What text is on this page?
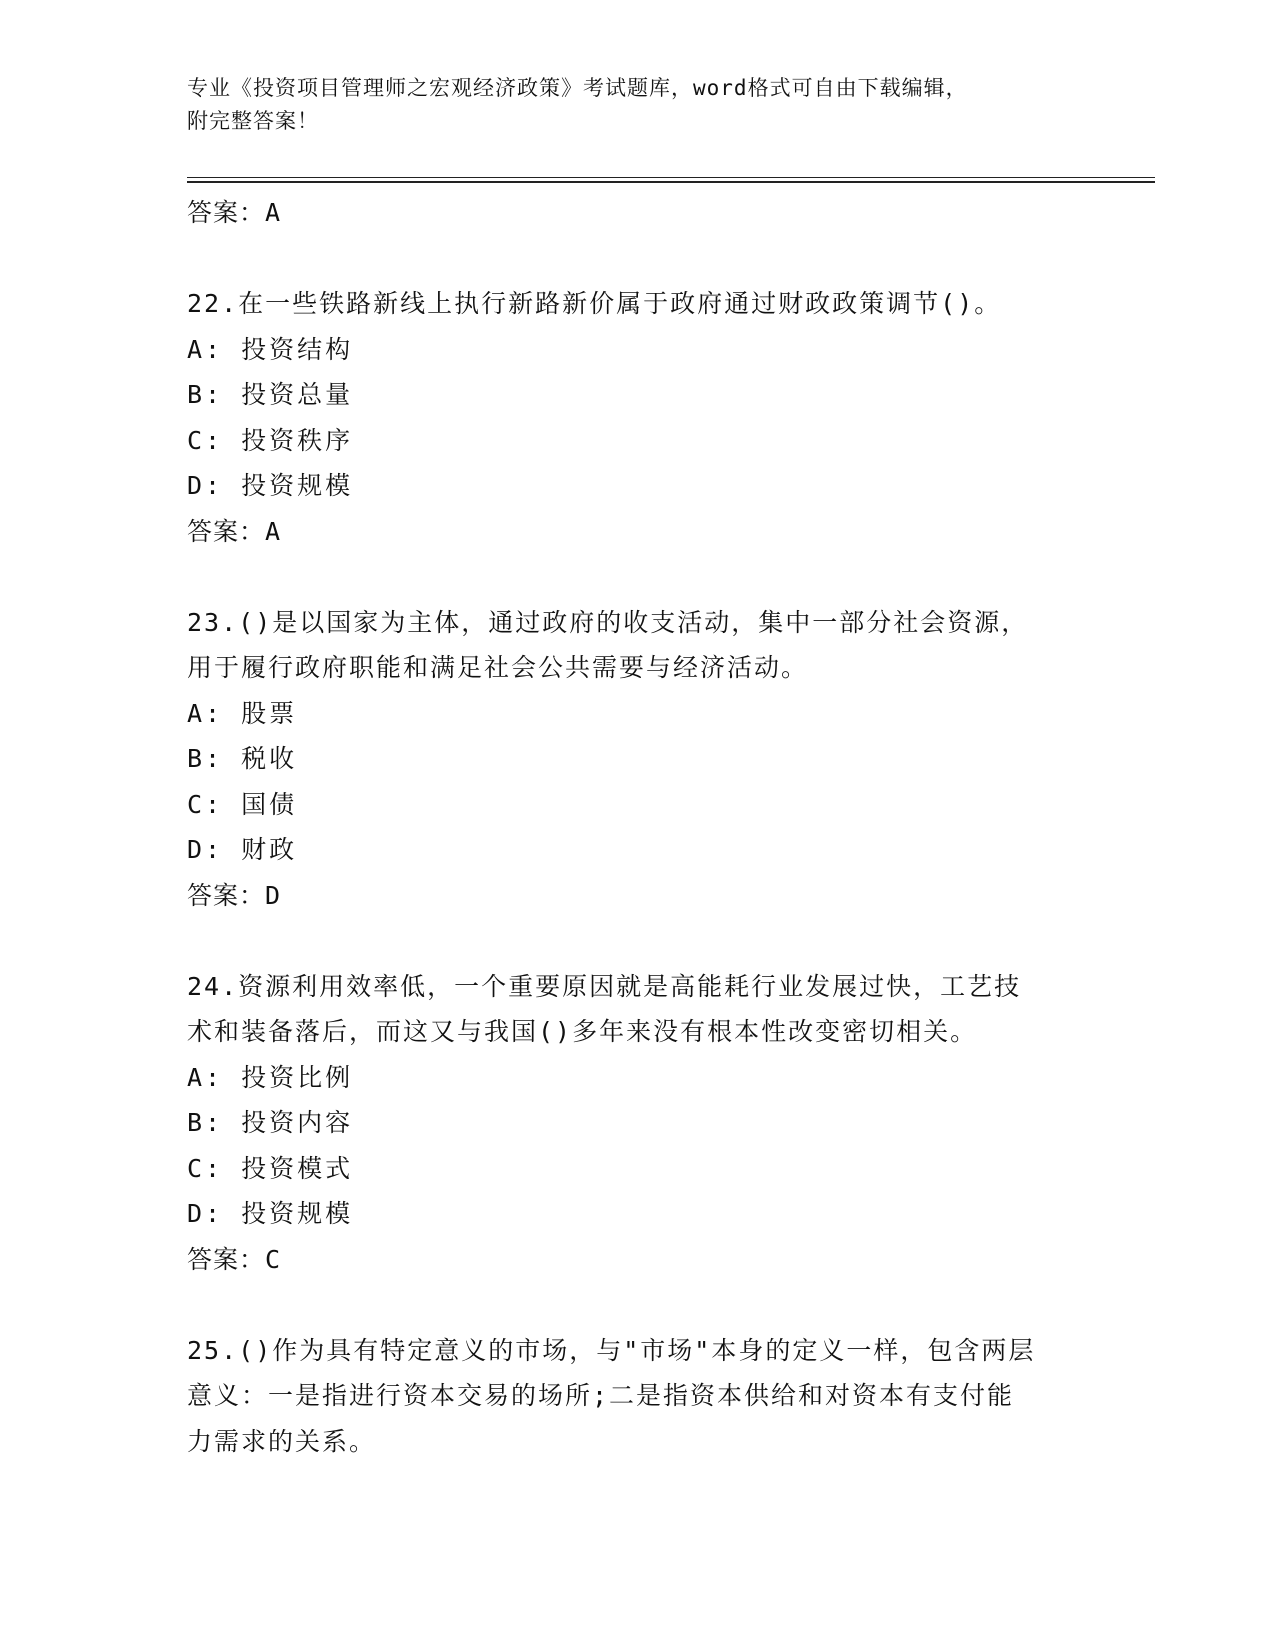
专业《投资项目管理师之宏观经济政策》考试题库，word格式可自由下载编辑，
附完整答案！
答案：A
22.在一些铁路新线上执行新路新价属于政府通过财政政策调节()。
A: 投资结构
B: 投资总量
C: 投资秩序
D: 投资规模
答案：A
23.()是以国家为主体，通过政府的收支活动，集中一部分社会资源，
用于履行政府职能和满足社会公共需要与经济活动。
A: 股票
B: 税收
C: 国债
D: 财政
答案：D
24.资源利用效率低，一个重要原因就是高能耗行业发展过快，工艺技
术和装备落后，而这又与我国()多年来没有根本性改变密切相关。
A: 投资比例
B: 投资内容
C: 投资模式
D: 投资规模
答案：C
25.()作为具有特定意义的市场，与"市场"本身的定义一样，包含两层
意义：一是指进行资本交易的场所;二是指资本供给和对资本有支付能
力需求的关系。
